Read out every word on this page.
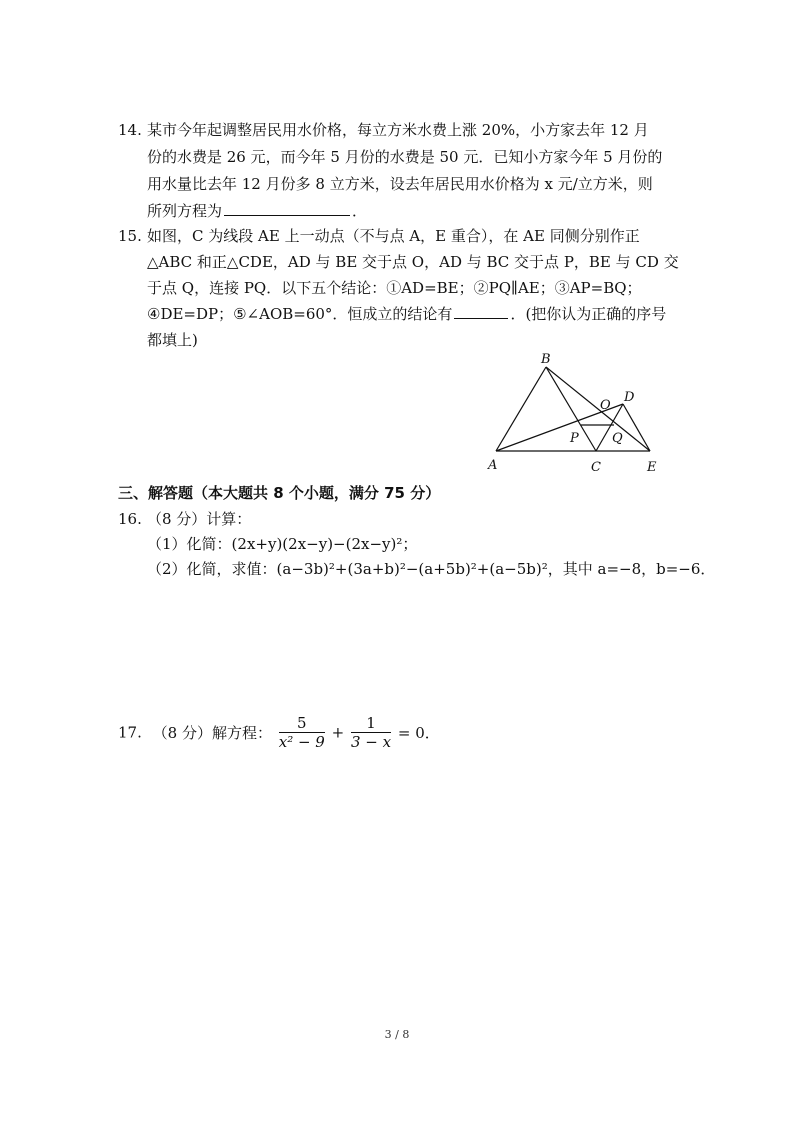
14. 某市今年起调整居民用水价格，每立方米水费上涨 20%，小方家去年 12 月
份的水费是 26 元，而今年 5 月份的水费是 50 元．已知小方家今年 5 月份的
用水量比去年 12 月份多 8 立方米，设去年居民用水价格为 x 元/立方米，则
所列方程为	．
15. 如图，C 为线段 AE 上一动点（不与点 A，E 重合），在 AE 同侧分别作正
△ABC 和正△CDE，AD 与 BE 交于点 O，AD 与 BC 交于点 P，BE 与 CD 交
于点 Q，连接 PQ．以下五个结论：①AD=BE；②PQ∥AE；③AP=BQ；
④DE=DP；⑤∠AOB=60°．恒成立的结论有	．(把你认为正确的序号
都填上)
B
O
D
P	Q
A	C	E
三、解答题（本大题共 8 个小题，满分 75 分）
16. （8 分）计算：
（1）化简：(2x+y)(2x−y)−(2x−y)²；
（2）化简，求值：(a−3b)²+(3a+b)²−(a+5b)²+(a−5b)²，其中 a=−8，b=−6．
17. （8 分）解方程： $\frac{5}{\text{x² − 9}} + \frac{1}{3 - x} = 0$．
3 / 8
